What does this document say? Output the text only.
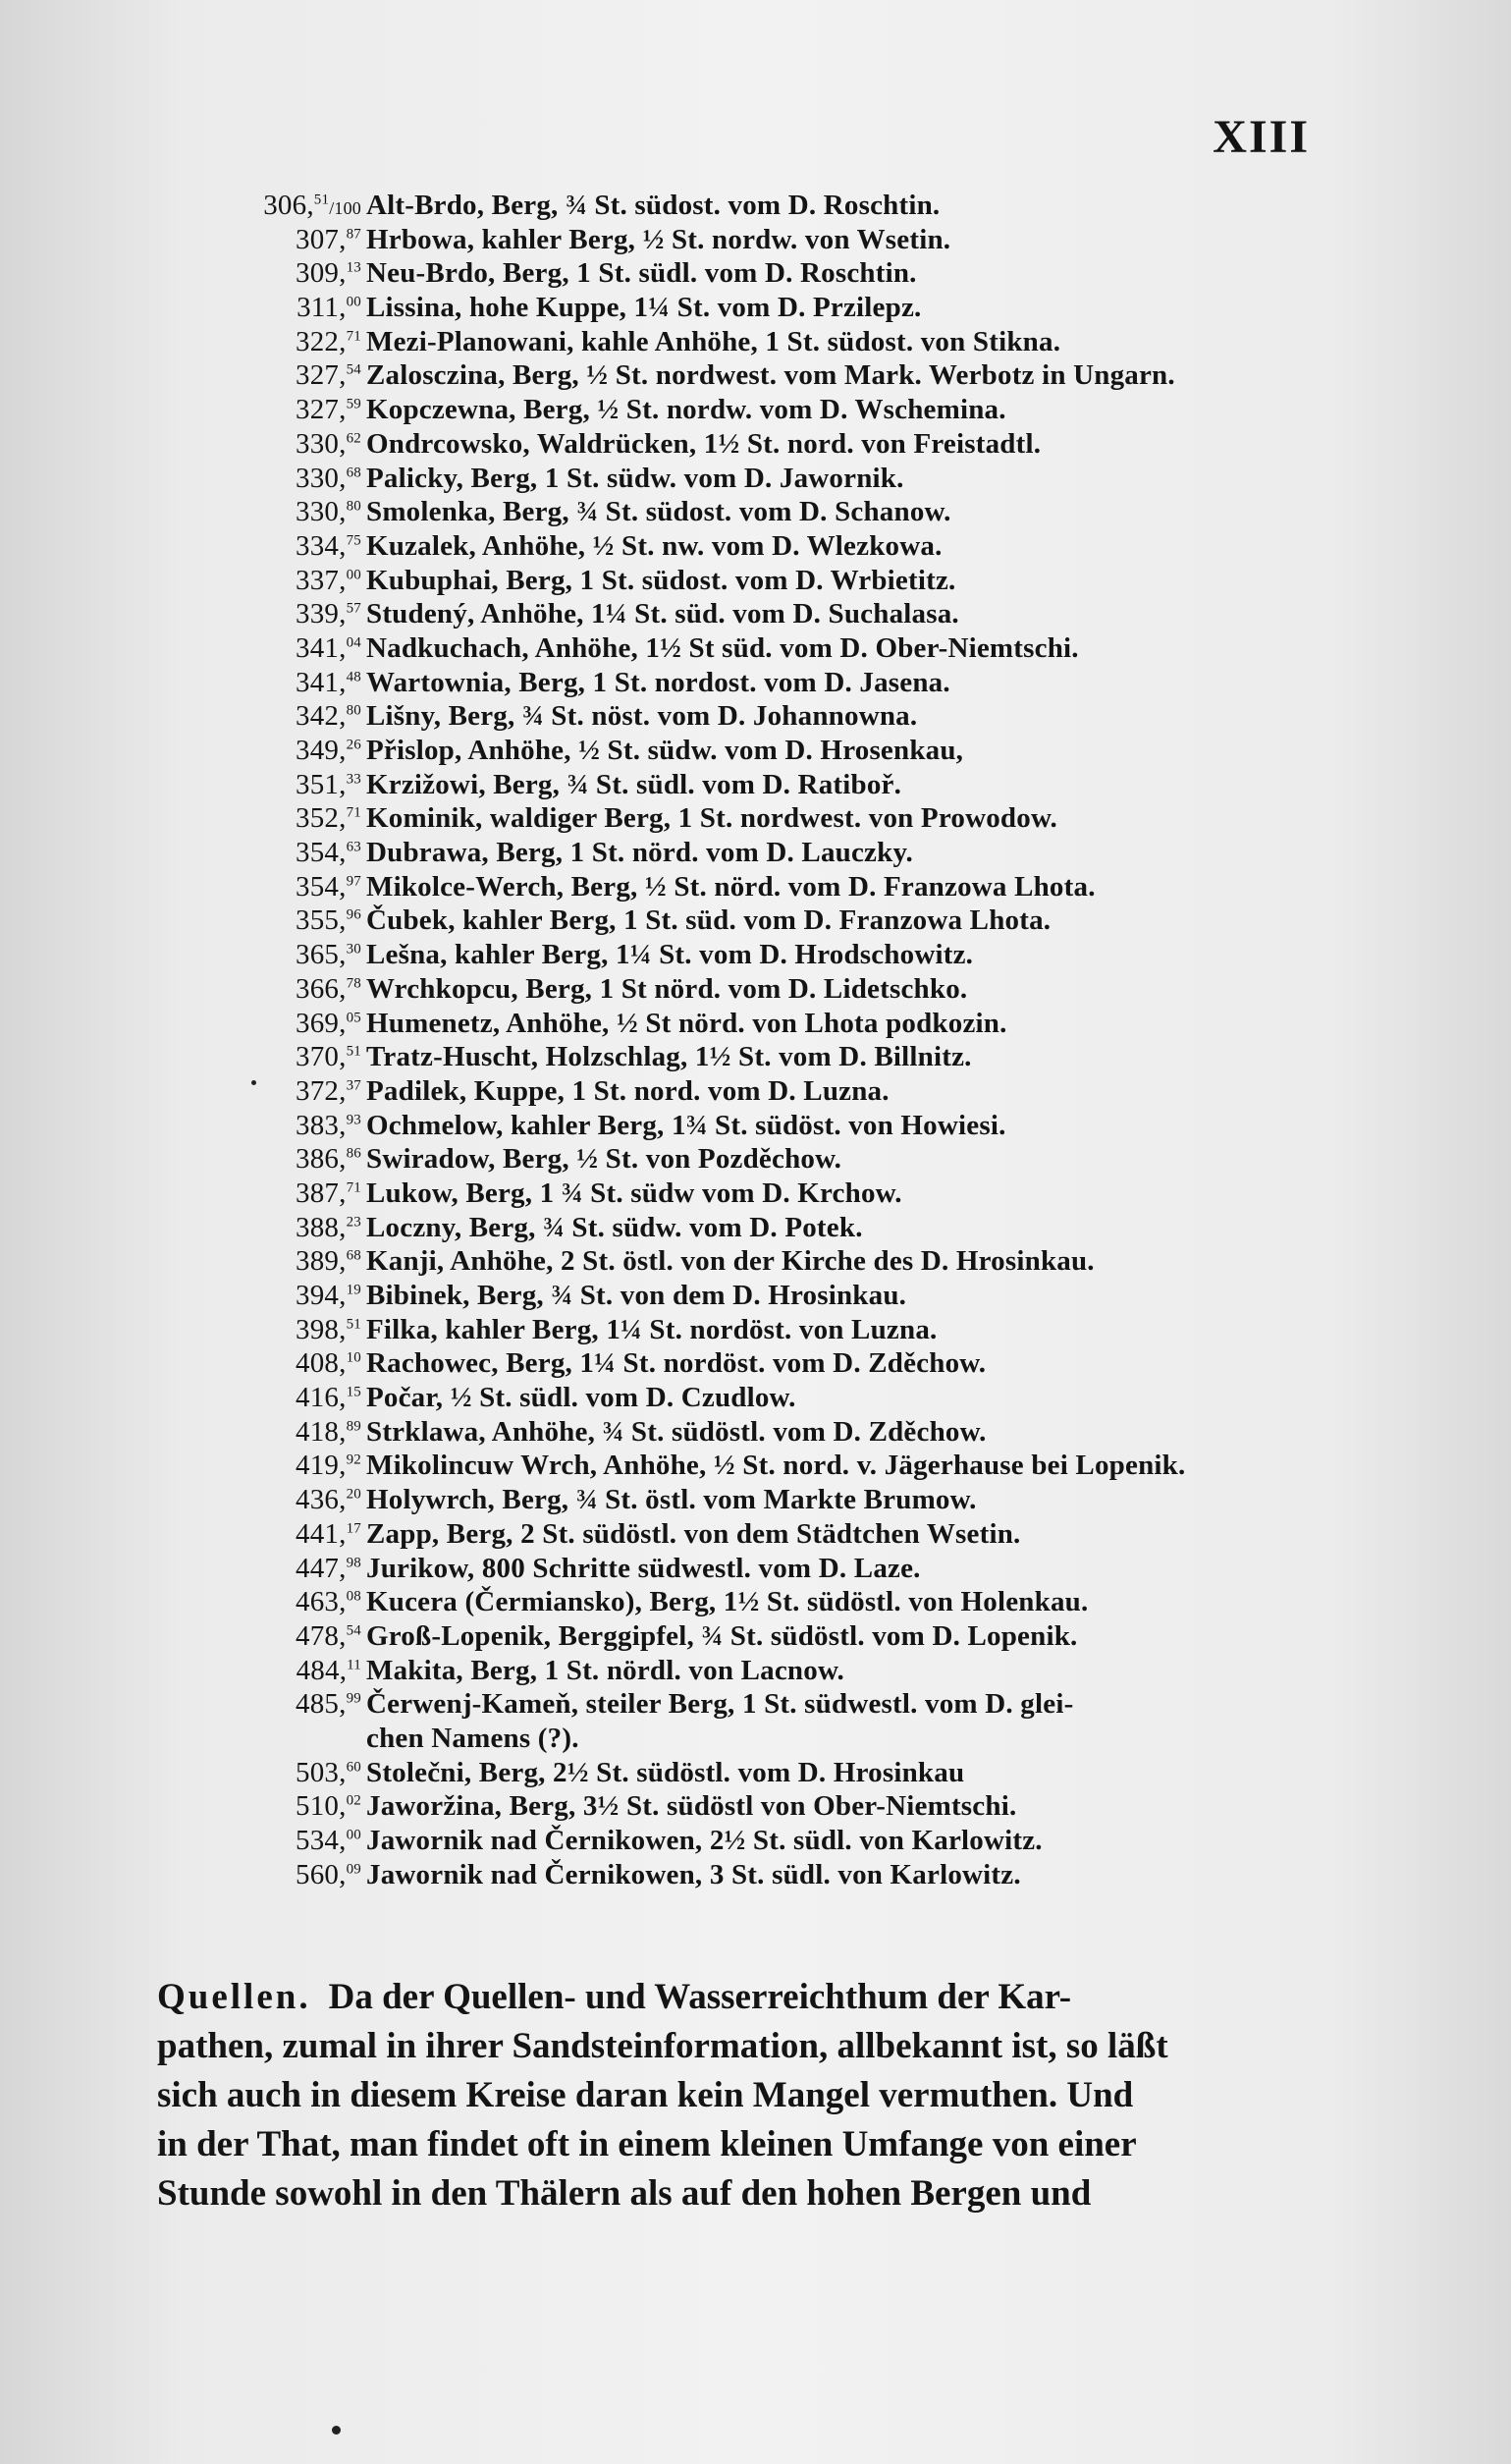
XIII
306,51/100 Alt-Brdo, Berg, ¾ St. südost. vom D. Roschtin.
307,87 Hrbowa, kahler Berg, ½ St. nordw. von Wsetin.
309,13 Neu-Brdo, Berg, 1 St. südl. vom D. Roschtin.
311,00 Lissina, hohe Kuppe, 1¼ St. vom D. Przilepz.
322,71 Mezi-Planowani, kahle Anhöhe, 1 St. südost. von Stikna.
327,54 Zalosczina, Berg, ½ St. nordwest. vom Mark. Werbotz in Ungarn.
327,59 Kopczewna, Berg, ½ St. nordw. vom D. Wschemina.
330,62 Ondrcowsko, Waldrücken, 1½ St. nord. von Freistadtl.
330,68 Palicky, Berg, 1 St. südw. vom D. Jawornik.
330,80 Smolenka, Berg, ¾ St. südost. vom D. Schanow.
334,75 Kuzalek, Anhöhe, ½ St. nw. vom D. Wlezkowa.
337,00 Kubuphai, Berg, 1 St. südost. vom D. Wrbietitz.
339,57 Studený, Anhöhe, 1¼ St. süd. vom D. Suchalasa.
341,04 Nadkuchach, Anhöhe, 1½ St süd. vom D. Ober-Niemtschi.
341,48 Wartownia, Berg, 1 St. nordost. vom D. Jasena.
342,80 Lišny, Berg, ¾ St. nöst. vom D. Johannowna.
349,26 Přislop, Anhöhe, ½ St. südw. vom D. Hrosenkau,
351,33 Krzižowi, Berg, ¾ St. südl. vom D. Ratiboř.
352,71 Kominik, waldiger Berg, 1 St. nordwest. von Prowodow.
354,63 Dubrawa, Berg, 1 St. nörd. vom D. Lauczky.
354,97 Mikolce-Werch, Berg, ½ St. nörd. vom D. Franzowa Lhota.
355,96 Čubek, kahler Berg, 1 St. süd. vom D. Franzowa Lhota.
365,30 Lešna, kahler Berg, 1¼ St. vom D. Hrodschowitz.
366,78 Wrchkopcu, Berg, 1 St nörd. vom D. Lidetschko.
369,05 Humenetz, Anhöhe, ½ St nörd. von Lhota podkozin.
370,51 Tratz-Huscht, Holzschlag, 1½ St. vom D. Billnitz.
372,37 Padilek, Kuppe, 1 St. nord. vom D. Luzna.
383,93 Ochmelow, kahler Berg, 1¾ St. südöst. von Howiesi.
386,86 Swiradow, Berg, ½ St. von Pozděchow.
387,71 Lukow, Berg, 1 ¾ St. südw vom D. Krchow.
388,23 Loczny, Berg, ¾ St. südw. vom D. Potek.
389,68 Kanji, Anhöhe, 2 St. östl. von der Kirche des D. Hrosinkau.
394,19 Bibinek, Berg, ¾ St. von dem D. Hrosinkau.
398,51 Filka, kahler Berg, 1¼ St. nordöst. von Luzna.
408,10 Rachowec, Berg, 1¼ St. nordöst. vom D. Zděchow.
416,15 Počar, ½ St. südl. vom D. Czudlow.
418,89 Strklawa, Anhöhe, ¾ St. südöstl. vom D. Zděchow.
419,92 Mikolincuw Wrch, Anhöhe, ½ St. nord. v. Jägerhause bei Lopenik.
436,20 Holywrch, Berg, ¾ St. östl. vom Markte Brumow.
441,17 Zapp, Berg, 2 St. südöstl. von dem Städtchen Wsetin.
447,98 Jurikow, 800 Schritte südwestl. vom D. Laze.
463,08 Kucera (Čermiansko), Berg, 1½ St. südöstl. von Holenkau.
478,54 Groß-Lopenik, Berggipfel, ¾ St. südöstl. vom D. Lopenik.
484,11 Makita, Berg, 1 St. nördl. von Lacnow.
485,99 Čerwenj-Kameň, steiler Berg, 1 St. südwestl. vom D. glei-
chen Namens (?).
503,60 Stolečni, Berg, 2½ St. südöstl. vom D. Hrosinkau
510,02 Jaworžina, Berg, 3½ St. südöstl von Ober-Niemtschi.
534,00 Jawornik nad Černikowen, 2½ St. südl. von Karlowitz.
560,09 Jawornik nad Černikowen, 3 St. südl. von Karlowitz.
Quellen. Da der Quellen- und Wasserreichthum der Kar-
pathen, zumal in ihrer Sandsteinformation, allbekannt ist, so läßt
sich auch in diesem Kreise daran kein Mangel vermuthen. Und
in der That, man findet oft in einem kleinen Umfange von einer
Stunde sowohl in den Thälern als auf den hohen Bergen und
